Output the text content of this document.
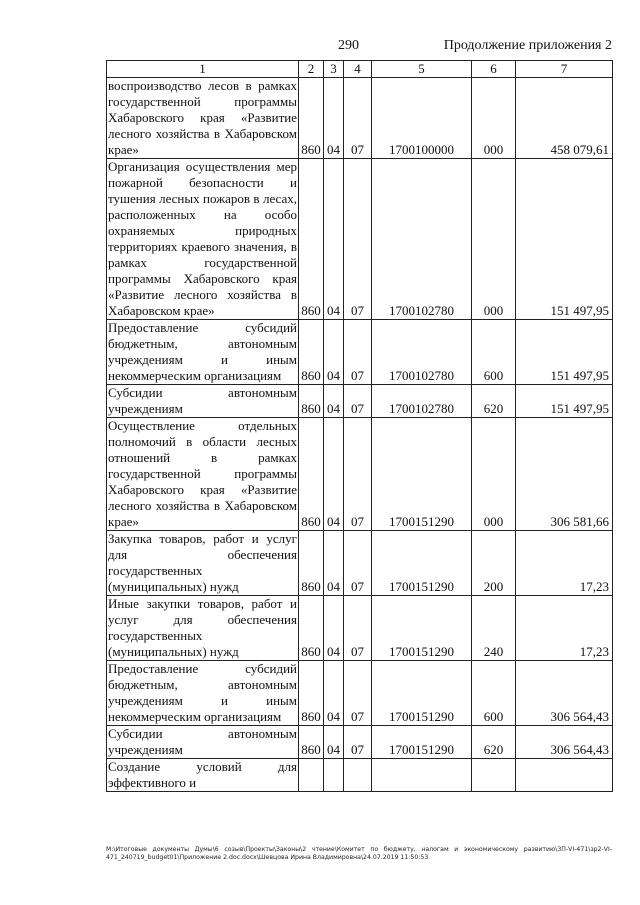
290	Продолжение приложения 2
1	2	3	4	5	6	7
воспроизводство лесов в рамках государственной программы Хабаровского края «Развитие лесного хозяйства в Хабаровском крае»	860	04	07	1700100000	000	458 079,61
Организация осуществления мер пожарной безопасности и тушения лесных пожаров в лесах, расположенных на особо охраняемых природных территориях краевого значения, в рамках государственной программы Хабаровского края «Развитие лесного хозяйства в Хабаровском крае»	860	04	07	1700102780	000	151 497,95
Предоставление субсидий бюджетным, автономным учреждениям и иным некоммерческим организациям	860	04	07	1700102780	600	151 497,95
Субсидии автономным учреждениям	860	04	07	1700102780	620	151 497,95
Осуществление отдельных полномочий в области лесных отношений в рамках государственной программы Хабаровского края «Развитие лесного хозяйства в Хабаровском крае»	860	04	07	1700151290	000	306 581,66
Закупка товаров, работ и услуг для обеспечения государственных (муниципальных) нужд	860	04	07	1700151290	200	17,23
Иные закупки товаров, работ и услуг для обеспечения государственных (муниципальных) нужд	860	04	07	1700151290	240	17,23
Предоставление субсидий бюджетным, автономным учреждениям и иным некоммерческим организациям	860	04	07	1700151290	600	306 564,43
Субсидии автономным учреждениям	860	04	07	1700151290	620	306 564,43
Создание условий для эффективного и						
M:\Итоговые документы Думы\6 созыв\Проекты\Законы\2 чтение\Комитет по бюджету, налогам и экономическому развитию\3П-VI-471\зр2-VI-471_240719_budget01\Приложение 2.doc.docx\Шевцова Ирина Владимировна\24.07.2019 11:50:53
